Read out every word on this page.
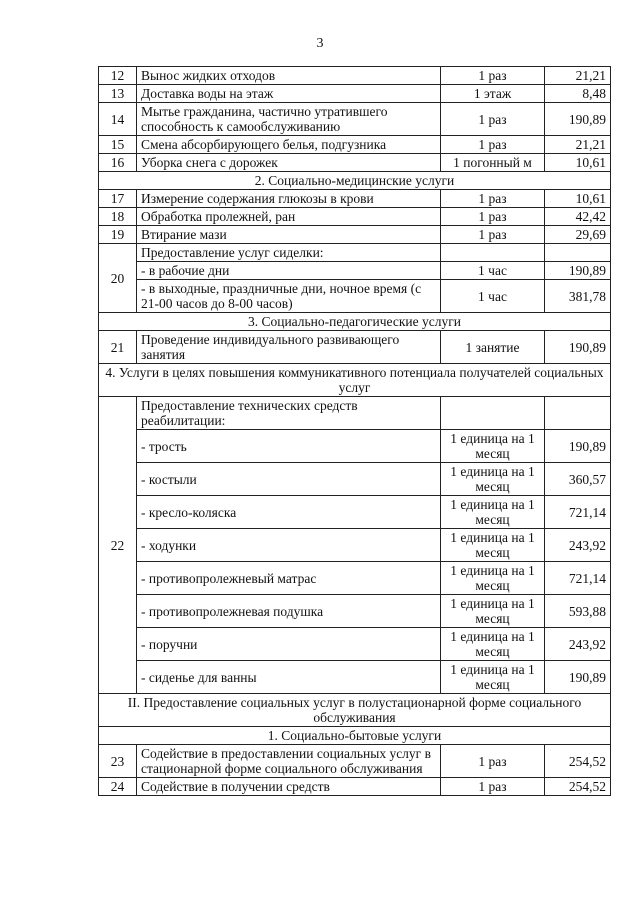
3
12	Вынос жидких отходов	1 раз	21,21
13	Доставка воды на этаж	1 этаж	8,48
14	Мытье гражданина, частично утратившего способность к самообслуживанию	1 раз	190,89
15	Смена абсорбирующего белья, подгузника	1 раз	21,21
16	Уборка снега с дорожек	1 погонный м	10,61
2. Социально-медицинские услуги			
17	Измерение содержания глюкозы в крови	1 раз	10,61
18	Обработка пролежней, ран	1 раз	42,42
19	Втирание мази	1 раз	29,69
20	Предоставление услуг сиделки:		
	- в рабочие дни	1 час	190,89
	- в выходные, праздничные дни, ночное время (с 21-00 часов до 8-00 часов)	1 час	381,78
3. Социально-педагогические услуги			
21	Проведение индивидуального развивающего занятия	1 занятие	190,89
4. Услуги в целях повышения коммуникативного потенциала получателей социальных услуг			
22	Предоставление технических средств реабилитации:		
	- трость	1 единица на 1 месяц	190,89
	- костыли	1 единица на 1 месяц	360,57
	- кресло-коляска	1 единица на 1 месяц	721,14
	- ходунки	1 единица на 1 месяц	243,92
	- противопролежневый матрас	1 единица на 1 месяц	721,14
	- противопролежневая подушка	1 единица на 1 месяц	593,88
	- поручни	1 единица на 1 месяц	243,92
	- сиденье для ванны	1 единица на 1 месяц	190,89
II. Предоставление социальных услуг в полустационарной форме социального обслуживания			
1. Социально-бытовые услуги			
23	Содействие в предоставлении социальных услуг в стационарной форме социального обслуживания	1 раз	254,52
24	Содействие в получении средств	1 раз	254,52
